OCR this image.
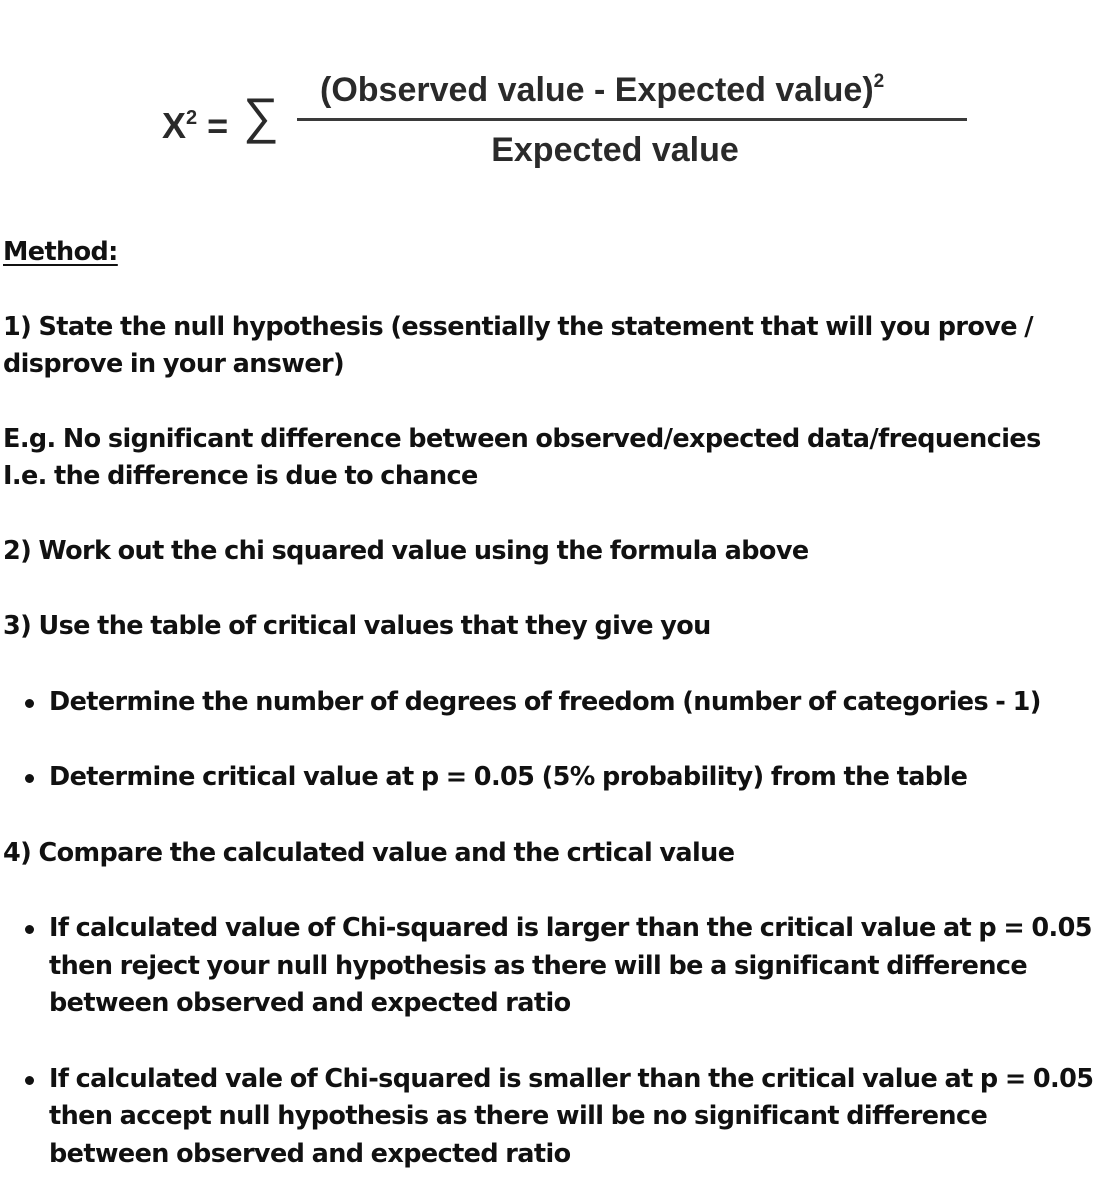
$X^2$ = ∑ (Observed value - Expected value)$^2$
Expected value

Method:

1) State the null hypothesis (essentially the statement that will you prove / disprove in your answer)

E.g. No significant difference between observed/expected data/frequencies

I.e. the difference is due to chance

2) Work out the chi squared value using the formula above

3) Use the table of critical values that they give you

Determine the number of degrees of freedom (number of categories - 1)
Determine critical value at p = 0.05 (5% probability) from the table

4) Compare the calculated value and the crtical value

If calculated value of Chi-squared is larger than the critical value at p = 0.05 then reject your null hypothesis as there will be a significant difference between observed and expected ratio
If calculated vale of Chi-squared is smaller than the critical value at p = 0.05 then accept null hypothesis as there will be no significant difference between observed and expected ratio
